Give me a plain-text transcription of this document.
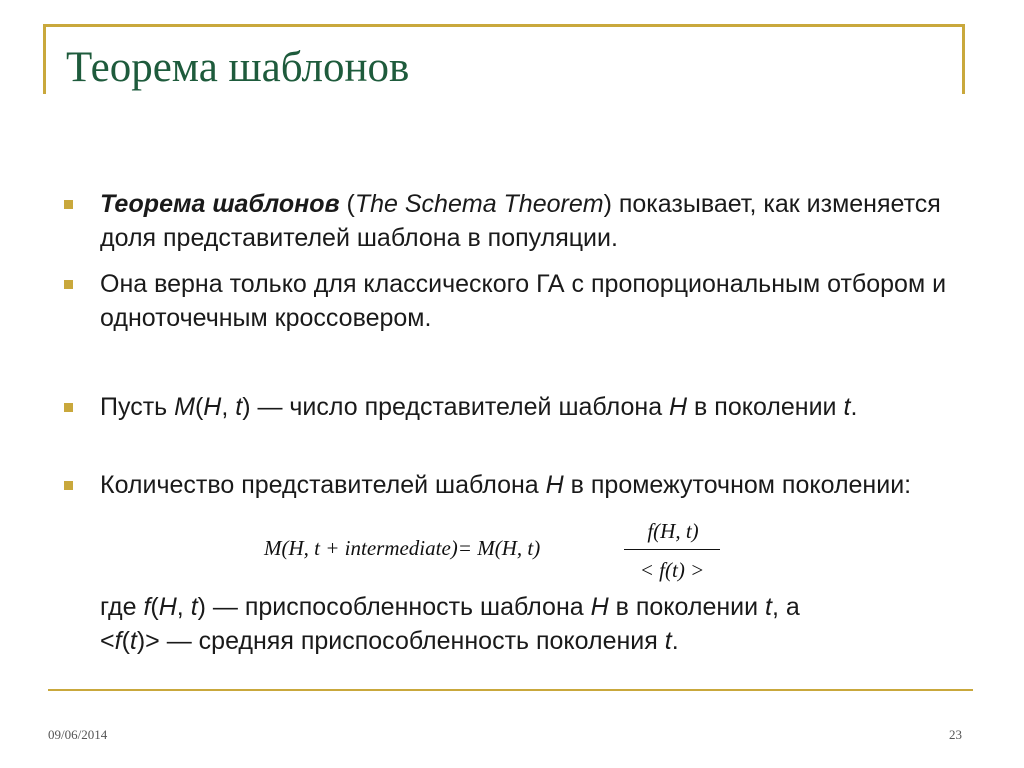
Теорема шаблонов
Теорема шаблонов (The Schema Theorem) показывает, как изменяется доля представителей шаблона в популяции.
Она верна только для классического ГА с пропорциональным отбором и одноточечным кроссовером.
Пусть M(H, t) — число представителей шаблона H в поколении t.
Количество представителей шаблона H в промежуточном поколении:
M(H, t + intermediate)= M(H, t)
f(H, t)
< f(t) >
где f(H, t) — приспособленность шаблона H в поколении t, а
<f(t)> — средняя приспособленность поколения t.
09/06/2014	23
